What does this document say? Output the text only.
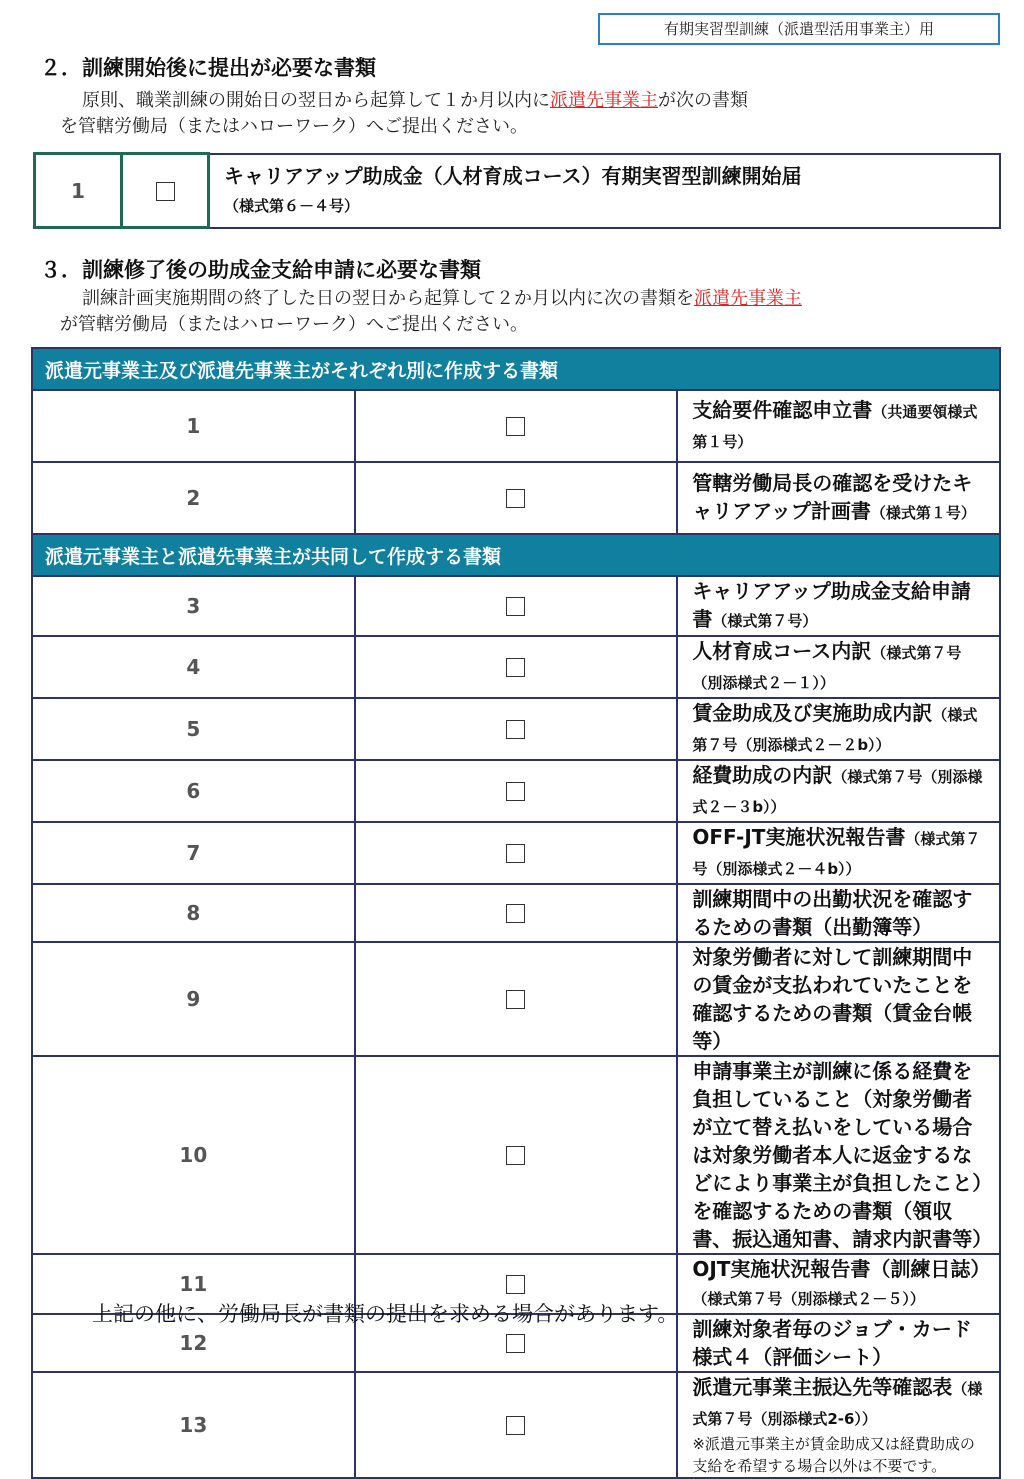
有期実習型訓練（派遣型活用事業主）用
２．訓練開始後に提出が必要な書類
原則、職業訓練の開始日の翌日から起算して１か月以内に派遣先事業主が次の書類
を管轄労働局（またはハローワーク）へご提出ください。
1		キャリアアップ助成金（人材育成コース）有期実習型訓練開始届
（様式第６－４号）
３．訓練修了後の助成金支給申請に必要な書類
訓練計画実施期間の終了した日の翌日から起算して２か月以内に次の書類を派遣先事業主
が管轄労働局（またはハローワーク）へご提出ください。
派遣元事業主及び派遣先事業主がそれぞれ別に作成する書類		
1		支給要件確認申立書（共通要領様式第１号）
2		管轄労働局長の確認を受けたキャリアアップ計画書（様式第１号）
派遣元事業主と派遣先事業主が共同して作成する書類		
3		キャリアアップ助成金支給申請書（様式第７号）
4		人材育成コース内訳（様式第７号（別添様式２－１））
5		賃金助成及び実施助成内訳（様式第７号（別添様式２－２b））
6		経費助成の内訳（様式第７号（別添様式２－３b））
7		OFF-JT実施状況報告書（様式第７号（別添様式２－４b））
8		訓練期間中の出勤状況を確認するための書類（出勤簿等）
9		対象労働者に対して訓練期間中の賃金が支払われていたことを確認するための書類（賃金台帳等）
10		申請事業主が訓練に係る経費を負担していること（対象労働者が立て替え払いをしている場合は対象労働者本人に返金するなどにより事業主が負担したこと）を確認するための書類（領収書、振込通知書、請求内訳書等）
11		OJT実施状況報告書（訓練日誌）（様式第７号（別添様式２－５））
12		訓練対象者毎のジョブ・カード様式４（評価シート）
13		派遣元事業主振込先等確認表（様式第７号（別添様式2-6））
※派遣元事業主が賃金助成又は経費助成の支給を希望する場合以外は不要です。
上記の他に、労働局長が書類の提出を求める場合があります。
